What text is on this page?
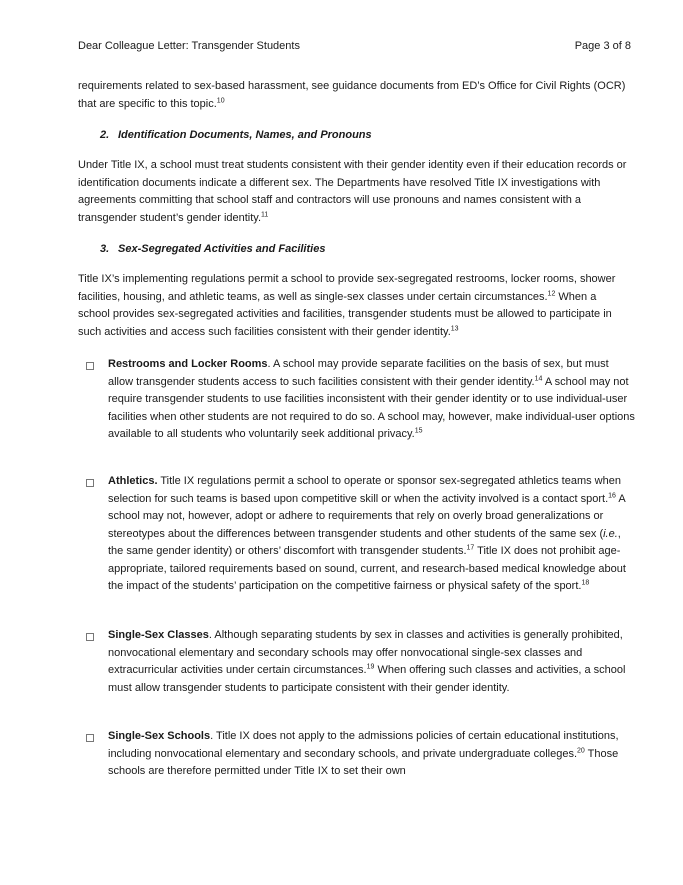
Dear Colleague Letter: Transgender Students	Page 3 of 8
requirements related to sex-based harassment, see guidance documents from ED’s Office for Civil Rights (OCR) that are specific to this topic.$^{10}$
2. Identification Documents, Names, and Pronouns
Under Title IX, a school must treat students consistent with their gender identity even if their education records or identification documents indicate a different sex. The Departments have resolved Title IX investigations with agreements committing that school staff and contractors will use pronouns and names consistent with a transgender student’s gender identity.$^{11}$
3. Sex-Segregated Activities and Facilities
Title IX’s implementing regulations permit a school to provide sex-segregated restrooms, locker rooms, shower facilities, housing, and athletic teams, as well as single-sex classes under certain circumstances.$^{12}$ When a school provides sex-segregated activities and facilities, transgender students must be allowed to participate in such activities and access such facilities consistent with their gender identity.$^{13}$
Restrooms and Locker Rooms. A school may provide separate facilities on the basis of sex, but must allow transgender students access to such facilities consistent with their gender identity.$^{14}$ A school may not require transgender students to use facilities inconsistent with their gender identity or to use individual-user facilities when other students are not required to do so. A school may, however, make individual-user options available to all students who voluntarily seek additional privacy.$^{15}$
Athletics. Title IX regulations permit a school to operate or sponsor sex-segregated athletics teams when selection for such teams is based upon competitive skill or when the activity involved is a contact sport.$^{16}$ A school may not, however, adopt or adhere to requirements that rely on overly broad generalizations or stereotypes about the differences between transgender students and other students of the same sex (i.e., the same gender identity) or others’ discomfort with transgender students.$^{17}$ Title IX does not prohibit age-appropriate, tailored requirements based on sound, current, and research-based medical knowledge about the impact of the students’ participation on the competitive fairness or physical safety of the sport.$^{18}$
Single-Sex Classes. Although separating students by sex in classes and activities is generally prohibited, nonvocational elementary and secondary schools may offer nonvocational single-sex classes and extracurricular activities under certain circumstances.$^{19}$ When offering such classes and activities, a school must allow transgender students to participate consistent with their gender identity.
Single-Sex Schools. Title IX does not apply to the admissions policies of certain educational institutions, including nonvocational elementary and secondary schools, and private undergraduate colleges.$^{20}$ Those schools are therefore permitted under Title IX to set their own
